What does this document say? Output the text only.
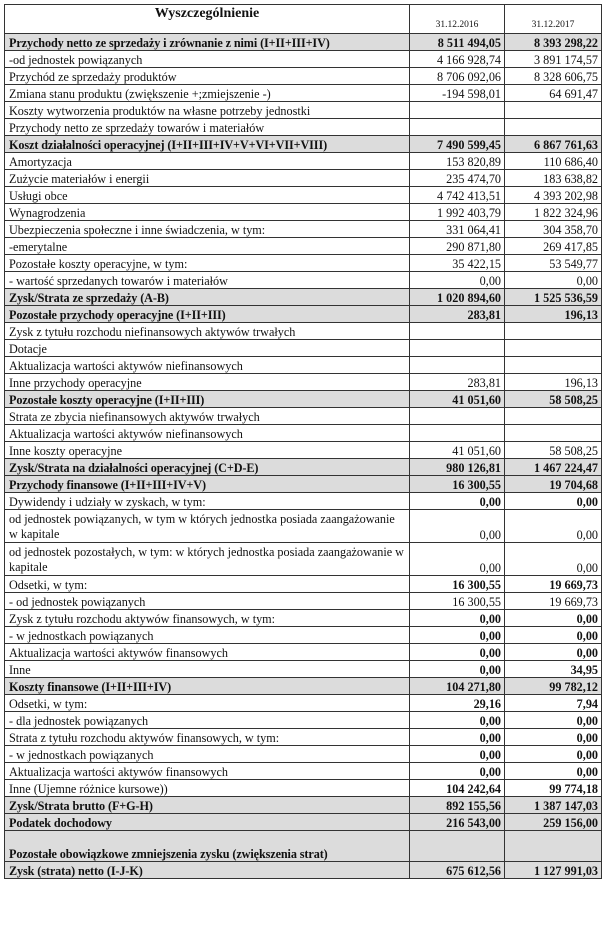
Wyszczególnienie	31.12.2016	31.12.2017
Przychody netto ze sprzedaży i zrównanie z nimi (I+II+III+IV)	8 511 494,05	8 393 298,22
-od jednostek powiązanych	4 166 928,74	3 891 174,57
Przychód ze sprzedaży produktów	8 706 092,06	8 328 606,75
Zmiana stanu produktu (zwiększenie +;zmiejszenie -)	-194 598,01	64 691,47
Koszty wytworzenia produktów na własne potrzeby jednostki		
Przychody netto ze sprzedaży towarów i materiałów		
Koszt działalności operacyjnej (I+II+III+IV+V+VI+VII+VIII)	7 490 599,45	6 867 761,63
Amortyzacja	153 820,89	110 686,40
Zużycie materiałów i energii	235 474,70	183 638,82
Usługi obce	4 742 413,51	4 393 202,98
Wynagrodzenia	1 992 403,79	1 822 324,96
Ubezpieczenia społeczne i inne świadczenia, w tym:	331 064,41	304 358,70
-emerytalne	290 871,80	269 417,85
Pozostałe koszty operacyjne, w tym:	35 422,15	53 549,77
- wartość sprzedanych towarów i materiałów	0,00	0,00
Zysk/Strata ze sprzedaży (A-B)	1 020 894,60	1 525 536,59
Pozostałe przychody operacyjne (I+II+III)	283,81	196,13
Zysk z tytułu rozchodu niefinansowych aktywów trwałych		
Dotacje		
Aktualizacja wartości aktywów niefinansowych		
Inne przychody operacyjne	283,81	196,13
Pozostałe koszty operacyjne (I+II+III)	41 051,60	58 508,25
Strata ze zbycia niefinansowych aktywów trwałych		
Aktualizacja wartości aktywów niefinansowych		
Inne koszty operacyjne	41 051,60	58 508,25
Zysk/Strata na działalności operacyjnej (C+D-E)	980 126,81	1 467 224,47
Przychody finansowe (I+II+III+IV+V)	16 300,55	19 704,68
Dywidendy i udziały w zyskach, w tym:	0,00	0,00
od jednostek powiązanych, w tym w których jednostka posiada zaangażowanie w kapitale	0,00	0,00
od jednostek pozostałych, w tym: w których jednostka posiada zaangażowanie w kapitale	0,00	0,00
Odsetki, w tym:	16 300,55	19 669,73
- od jednostek powiązanych	16 300,55	19 669,73
Zysk z tytułu rozchodu aktywów finansowych, w tym:	0,00	0,00
- w jednostkach powiązanych	0,00	0,00
Aktualizacja wartości aktywów finansowych	0,00	0,00
Inne	0,00	34,95
Koszty finansowe (I+II+III+IV)	104 271,80	99 782,12
Odsetki, w tym:	29,16	7,94
- dla jednostek powiązanych	0,00	0,00
Strata z tytułu rozchodu aktywów finansowych, w tym:	0,00	0,00
- w jednostkach powiązanych	0,00	0,00
Aktualizacja wartości aktywów finansowych	0,00	0,00
Inne (Ujemne różnice kursowe))	104 242,64	99 774,18
Zysk/Strata brutto (F+G-H)	892 155,56	1 387 147,03
Podatek dochodowy	216 543,00	259 156,00
Pozostałe obowiązkowe zmniejszenia zysku (zwiększenia strat)		
Zysk (strata) netto (I-J-K)	675 612,56	1 127 991,03
